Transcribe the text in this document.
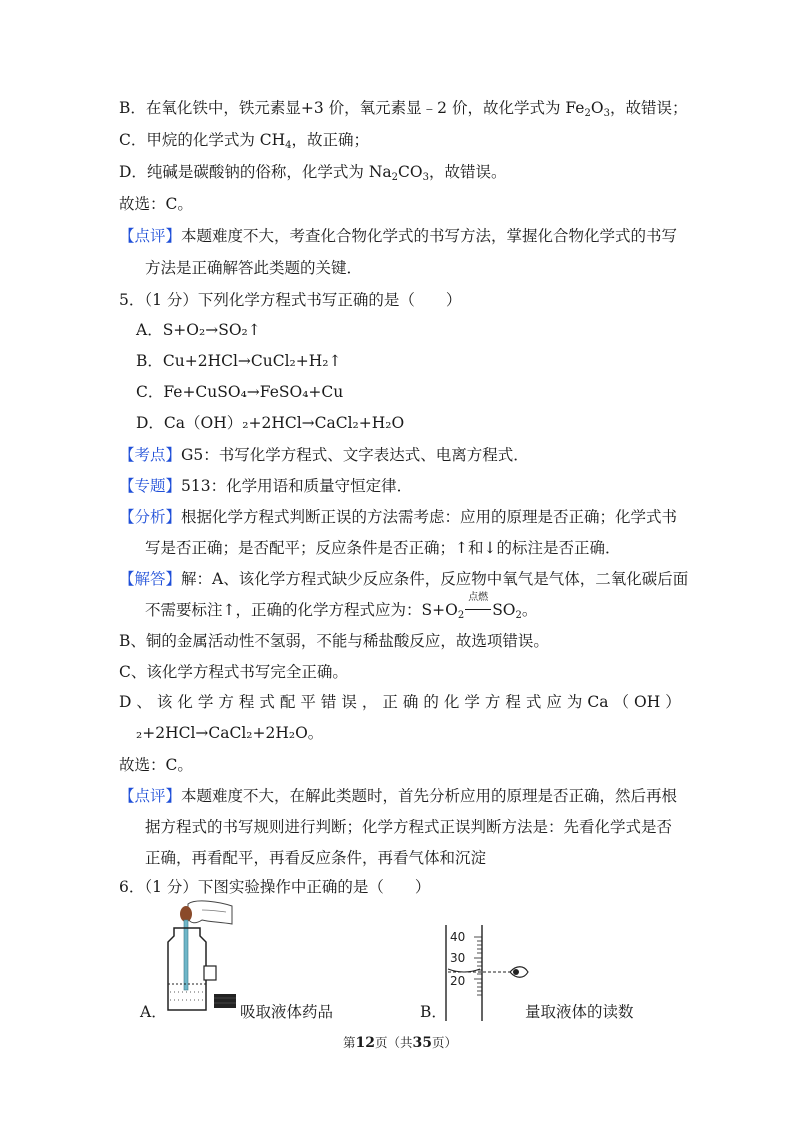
B．在氧化铁中，铁元素显+3 价，氧元素显﹣2 价，故化学式为 $Fe_2O_3$，故错误；
C．甲烷的化学式为 $CH_4$，故正确；
D．纯碱是碳酸钠的俗称，化学式为 $Na_2CO_3$，故错误。
故选：C。
【点评】本题难度不大，考查化合物化学式的书写方法，掌握化合物化学式的书写
方法是正确解答此类题的关键．
5．（1 分）下列化学方程式书写正确的是（　　）
A．S+O₂→SO₂↑
B．Cu+2HCl→CuCl₂+H₂↑
C．Fe+CuSO₄→FeSO₄+Cu
D．Ca（OH）₂+2HCl→CaCl₂+H₂O
【考点】G5：书写化学方程式、文字表达式、电离方程式．
【专题】513：化学用语和质量守恒定律．
【分析】根据化学方程式判断正误的方法需考虑：应用的原理是否正确；化学式书
写是否正确；是否配平；反应条件是否正确；↑和↓的标注是否正确．
【解答】解：A、该化学方程式缺少反应条件，反应物中氧气是气体，二氧化碳后面
不需要标注↑，正确的化学方程式应为：$S+O_2$
点燃
$SO_2$。
B、铜的金属活动性不氢弱，不能与稀盐酸反应，故选项错误。
C、该化学方程式书写完全正确。
D 、 该 化 学 方 程 式 配 平 错 误 ， 正 确 的 化 学 方 程 式 应 为 Ca （ OH ）
₂+2HCl→CaCl₂+2H₂O。
故选：C。
【点评】本题难度不大，在解此类题时，首先分析应用的原理是否正确，然后再根
据方程式的书写规则进行判断；化学方程式正误判断方法是：先看化学式是否
正确，再看配平，再看反应条件，再看气体和沉淀
6．（1 分）下图实验操作中正确的是（　　）
A．	吸取液体药品
40
30
20
B．	量取液体的读数
第12页（共35页）
